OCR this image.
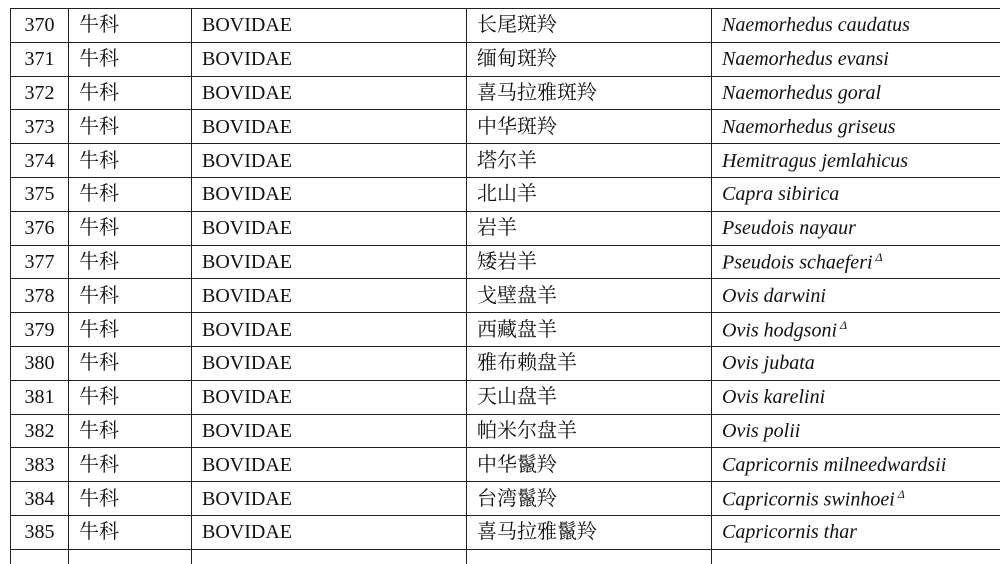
370	牛科	BOVIDAE	长尾斑羚	Naemorhedus caudatus
371	牛科	BOVIDAE	缅甸斑羚	Naemorhedus evansi
372	牛科	BOVIDAE	喜马拉雅斑羚	Naemorhedus goral
373	牛科	BOVIDAE	中华斑羚	Naemorhedus griseus
374	牛科	BOVIDAE	塔尔羊	Hemitragus jemlahicus
375	牛科	BOVIDAE	北山羊	Capra sibirica
376	牛科	BOVIDAE	岩羊	Pseudois nayaur
377	牛科	BOVIDAE	矮岩羊	Pseudois schaeferi $^\Delta$
378	牛科	BOVIDAE	戈壁盘羊	Ovis darwini
379	牛科	BOVIDAE	西藏盘羊	Ovis hodgsoni $^\Delta$
380	牛科	BOVIDAE	雅布赖盘羊	Ovis jubata
381	牛科	BOVIDAE	天山盘羊	Ovis karelini
382	牛科	BOVIDAE	帕米尔盘羊	Ovis polii
383	牛科	BOVIDAE	中华鬣羚	Capricornis milneedwardsii
384	牛科	BOVIDAE	台湾鬣羚	Capricornis swinhoei $^\Delta$
385	牛科	BOVIDAE	喜马拉雅鬣羚	Capricornis thar
